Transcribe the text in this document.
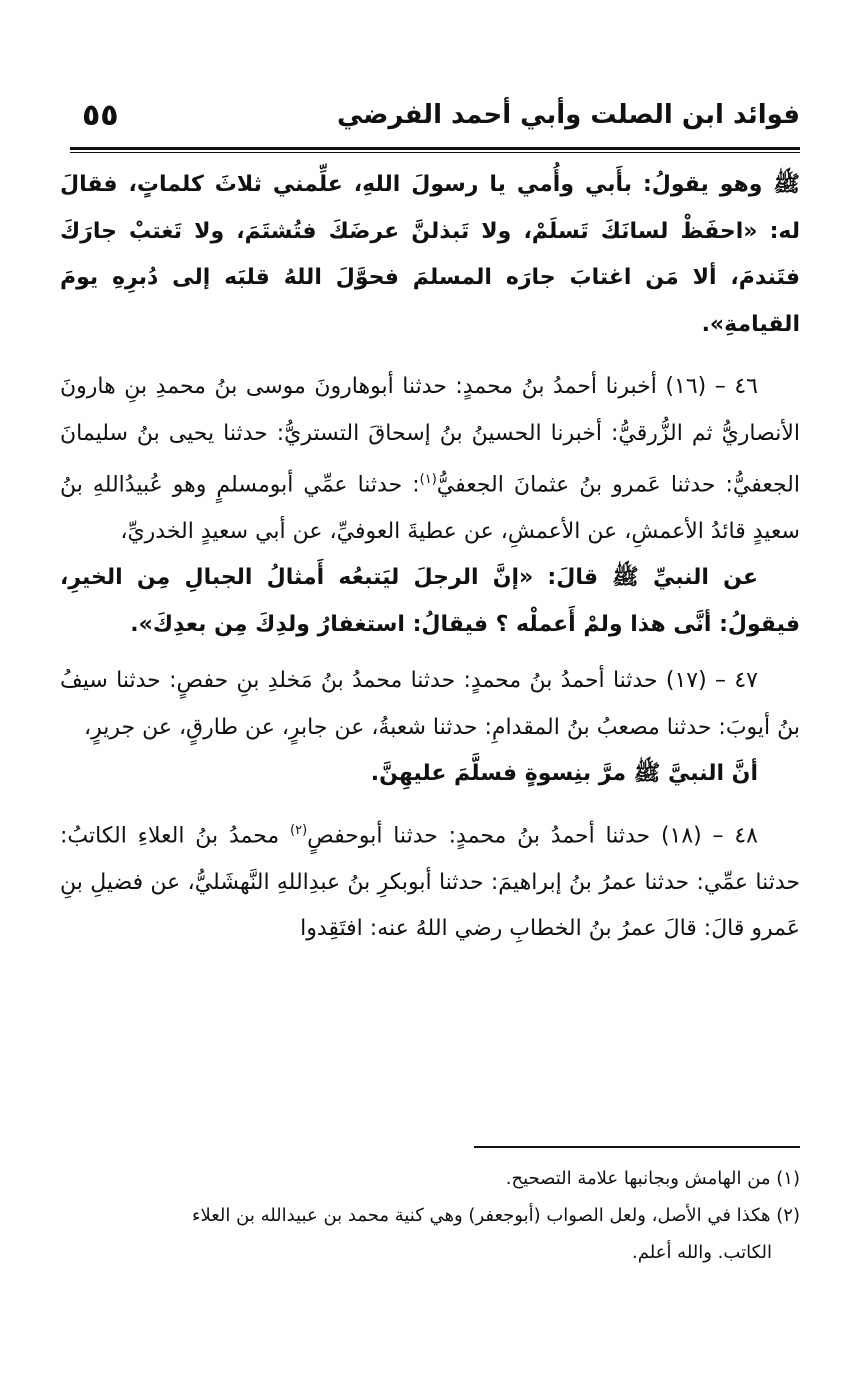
٥٥	فوائد ابن الصلت وأبي أحمد الفرضي

ﷺ وهو يقولُ: بأَبي وأُمي يا رسولَ اللهِ، علِّمني ثلاثَ كلماتٍ، فقالَ له: «احفَظْ لسانَكَ تَسلَمْ، ولا تَبذلنَّ عرضَكَ فتُشتَمَ، ولا تَغتبْ جارَكَ فتَندمَ، ألا مَن اغتابَ جارَه المسلمَ فحوَّلَ اللهُ قلبَه إلى دُبرِهِ يومَ القيامةِ».

٤٦ – (١٦) أخبرنا أحمدُ بنُ محمدٍ: حدثنا أبوهارونَ موسى بنُ محمدِ بنِ هارونَ الأنصاريُّ ثم الزُّرقيُّ: أخبرنا الحسينُ بنُ إسحاقَ التستريُّ: حدثنا يحيى بنُ سليمانَ الجعفيُّ: حدثنا عَمرو بنُ عثمانَ الجعفيُّ$^{(١)}$: حدثنا عمِّي أبومسلمٍ وهو عُبيدُاللهِ بنُ سعيدٍ قائدُ الأعمشِ، عن الأعمشِ، عن عطيةَ العوفيِّ، عن أبي سعيدٍ الخدريِّ،

عن النبيِّ ﷺ قالَ: «إنَّ الرجلَ ليَتبعُه أَمثالُ الجبالِ مِن الخيرِ، فيقولُ: أنَّى هذا ولمْ أَعملْه ؟ فيقالُ: استغفارُ ولدِكَ مِن بعدِكَ».

٤٧ – (١٧) حدثنا أحمدُ بنُ محمدٍ: حدثنا محمدُ بنُ مَخلدِ بنِ حفصٍ: حدثنا سيفُ بنُ أيوبَ: حدثنا مصعبُ بنُ المقدامِ: حدثنا شعبةُ، عن جابرٍ، عن طارقٍ، عن جريرٍ،

أنَّ النبيَّ ﷺ مرَّ بنِسوةٍ فسلَّمَ عليهِنَّ.

٤٨ – (١٨) حدثنا أحمدُ بنُ محمدٍ: حدثنا أبوحفصٍ$^{(٢)}$ محمدُ بنُ العلاءِ الكاتبُ: حدثنا عمِّي: حدثنا عمرُ بنُ إبراهيمَ: حدثنا أبوبكرِ بنُ عبدِاللهِ النَّهشَليُّ، عن فضيلِ بنِ عَمرو قالَ: قالَ عمرُ بنُ الخطابِ رضي اللهُ عنه: افتَقِدوا

(١) من الهامش وبجانبها علامة التصحيح.

(٢) هكذا في الأصل، ولعل الصواب (أبوجعفر) وهي كنية محمد بن عبيدالله بن العلاء

الكاتب. والله أعلم.
